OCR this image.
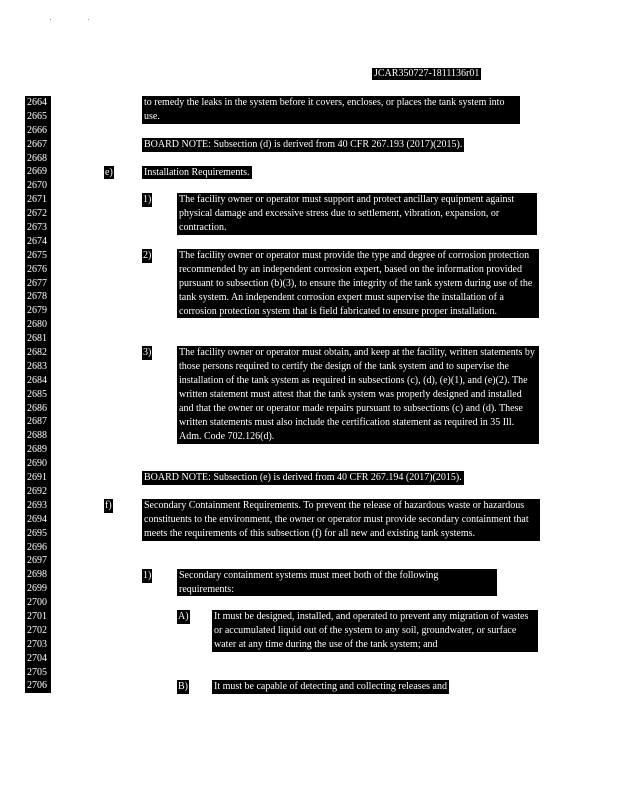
JCAR350727-1811136r01
2664
2665
2666
2667
2668
2669
2670
2671
2672
2673
2674
2675
2676
2677
2678
2679
2680
2681
2682
2683
2684
2685
2686
2687
2688
2689
2690
2691
2692
2693
2694
2695
2696
2697
2698
2699
2700
2701
2702
2703
2704
2705
2706
to remedy the leaks in the system before it covers, encloses, or places the tank system into use.
BOARD NOTE: Subsection (d) is derived from 40 CFR 267.193 (2017)(2015).
e)	Installation Requirements.
1)	The facility owner or operator must support and protect ancillary equipment against physical damage and excessive stress due to settlement, vibration, expansion, or contraction.
2)	The facility owner or operator must provide the type and degree of corrosion protection recommended by an independent corrosion expert, based on the information provided pursuant to subsection (b)(3), to ensure the integrity of the tank system during use of the tank system. An independent corrosion expert must supervise the installation of a corrosion protection system that is field fabricated to ensure proper installation.
3)	The facility owner or operator must obtain, and keep at the facility, written statements by those persons required to certify the design of the tank system and to supervise the installation of the tank system as required in subsections (c), (d), (e)(1), and (e)(2). The written statement must attest that the tank system was properly designed and installed and that the owner or operator made repairs pursuant to subsections (c) and (d). These written statements must also include the certification statement as required in 35 Ill. Adm. Code 702.126(d).
BOARD NOTE: Subsection (e) is derived from 40 CFR 267.194 (2017)(2015).
f)	Secondary Containment Requirements. To prevent the release of hazardous waste or hazardous constituents to the environment, the owner or operator must provide secondary containment that meets the requirements of this subsection (f) for all new and existing tank systems.
1)	Secondary containment systems must meet both of the following requirements:
A)	It must be designed, installed, and operated to prevent any migration of wastes or accumulated liquid out of the system to any soil, groundwater, or surface water at any time during the use of the tank system; and
B)	It must be capable of detecting and collecting releases and
